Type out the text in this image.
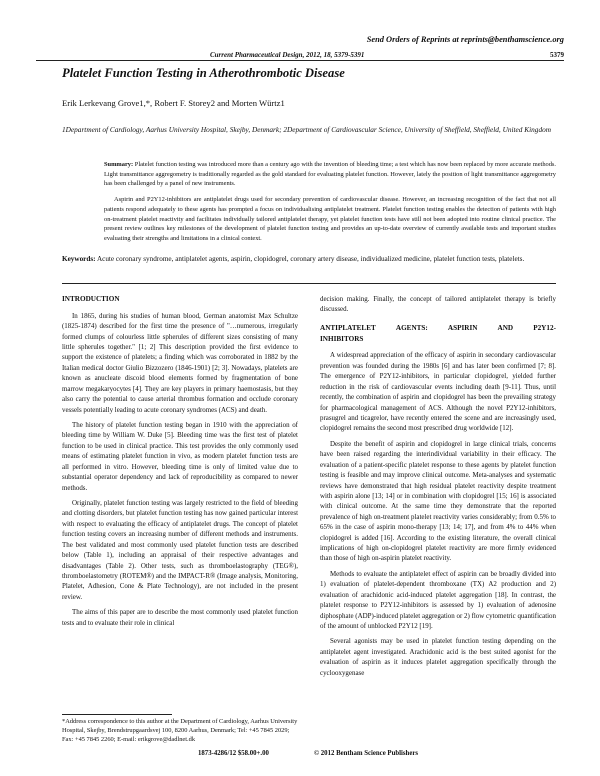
Send Orders of Reprints at reprints@benthamscience.org
Current Pharmaceutical Design, 2012, 18, 5379-5391	5379
Platelet Function Testing in Atherothrombotic Disease
Erik Lerkevang Grove1,*, Robert F. Storey2 and Morten Würtz1
1Department of Cardiology, Aarhus University Hospital, Skejby, Denmark; 2Department of Cardiovascular Science, University of Sheffield, Sheffield, United Kingdom

Summary: Platelet function testing was introduced more than a century ago with the invention of bleeding time; a test which has now been replaced by more accurate methods. Light transmittance aggregometry is traditionally regarded as the gold standard for evaluating platelet function. However, lately the position of light transmittance aggregometry has been challenged by a panel of new instruments.

Aspirin and P2Y12-inhibitors are antiplatelet drugs used for secondary prevention of cardiovascular disease. However, an increasing recognition of the fact that not all patients respond adequately to these agents has prompted a focus on individualising antiplatelet treatment. Platelet function testing enables the detection of patients with high on-treatment platelet reactivity and facilitates individually tailored antiplatelet therapy, yet platelet function tests have still not been adopted into routine clinical practice. The present review outlines key milestones of the development of platelet function testing and provides an up-to-date overview of currently available tests and important studies evaluating their strengths and limitations in a clinical context.

Keywords: Acute coronary syndrome, antiplatelet agents, aspirin, clopidogrel, coronary artery disease, individualized medicine, platelet function tests, platelets.
INTRODUCTION

In 1865, during his studies of human blood, German anatomist Max Schultze (1825-1874) described for the first time the presence of "…numerous, irregularly formed clumps of colourless little spherules of different sizes consisting of many little spherules together." [1; 2] This description provided the first evidence to support the existence of platelets; a finding which was corroborated in 1882 by the Italian medical doctor Giulio Bizzozero (1846-1901) [2; 3]. Nowadays, platelets are known as anucleate discoid blood elements formed by fragmentation of bone marrow megakaryocytes [4]. They are key players in primary haemostasis, but they also carry the potential to cause arterial thrombus formation and occlude coronary vessels potentially leading to acute coronary syndromes (ACS) and death.

The history of platelet function testing began in 1910 with the appreciation of bleeding time by William W. Duke [5]. Bleeding time was the first test of platelet function to be used in clinical practice. This test provides the only commonly used means of estimating platelet function in vivo, as modern platelet function tests are all performed in vitro. However, bleeding time is only of limited value due to substantial operator dependency and lack of reproducibility as compared to newer methods.

Originally, platelet function testing was largely restricted to the field of bleeding and clotting disorders, but platelet function testing has now gained particular interest with respect to evaluating the efficacy of antiplatelet drugs. The concept of platelet function testing covers an increasing number of different methods and instruments. The best validated and most commonly used platelet function tests are described below (Table 1), including an appraisal of their respective advantages and disadvantages (Table 2). Other tests, such as thromboelastography (TEG®), thromboelastometry (ROTEM®) and the IMPACT-R® (Image analysis, Monitoring, Platelet, Adhesion, Cone & Plate Technology), are not included in the present review.

The aims of this paper are to describe the most commonly used platelet function tests and to evaluate their role in clinical

decision making. Finally, the concept of tailored antiplatelet therapy is briefly discussed.

ANTIPLATELET	AGENTS:	ASPIRIN	AND	P2Y12-
INHIBITORS

A widespread appreciation of the efficacy of aspirin in secondary cardiovascular prevention was founded during the 1980s [6] and has later been confirmed [7; 8]. The emergence of P2Y12-inhibitors, in particular clopidogrel, yielded further reduction in the risk of cardiovascular events including death [9-11]. Thus, until recently, the combination of aspirin and clopidogrel has been the prevailing strategy for pharmacological management of ACS. Although the novel P2Y12-inhibitors, prasugrel and ticagrelor, have recently entered the scene and are increasingly used, clopidogrel remains the second most prescribed drug worldwide [12].

Despite the benefit of aspirin and clopidogrel in large clinical trials, concerns have been raised regarding the interindividual variability in their efficacy. The evaluation of a patient-specific platelet response to these agents by platelet function testing is feasible and may improve clinical outcome. Meta-analyses and systematic reviews have demonstrated that high residual platelet reactivity despite treatment with aspirin alone [13; 14] or in combination with clopidogrel [15; 16] is associated with clinical outcome. At the same time they demonstrate that the reported prevalence of high on-treatment platelet reactivity varies considerably; from 0.5% to 65% in the case of aspirin mono-therapy [13; 14; 17], and from 4% to 44% when clopidogrel is added [16]. According to the existing literature, the overall clinical implications of high on-clopidogrel platelet reactivity are more firmly evidenced than those of high on-aspirin platelet reactivity.

Methods to evaluate the antiplatelet effect of aspirin can be broadly divided into 1) evaluation of platelet-dependent thromboxane (TX) A2 production and 2) evaluation of arachidonic acid-induced platelet aggregation [18]. In contrast, the platelet response to P2Y12-inhibitors is assessed by 1) evaluation of adenosine diphosphate (ADP)-induced platelet aggregation or 2) flow cytometric quantification of the amount of unblocked P2Y12 [19].

Several agonists may be used in platelet function testing depending on the antiplatelet agent investigated. Arachidonic acid is the best suited agonist for the evaluation of aspirin as it induces platelet aggregation specifically through the cyclooxygenase

*Address correspondence to this author at the Department of Cardiology, Aarhus University Hospital, Skejby, Brendstrupgaardsvej 100, 8200 Aarhus, Denmark; Tel: +45 7845 2029; Fax: +45 7845 2260; E-mail: erikgrove@dadlnet.dk
1873-4286/12 $58.00+.00	© 2012 Bentham Science Publishers
